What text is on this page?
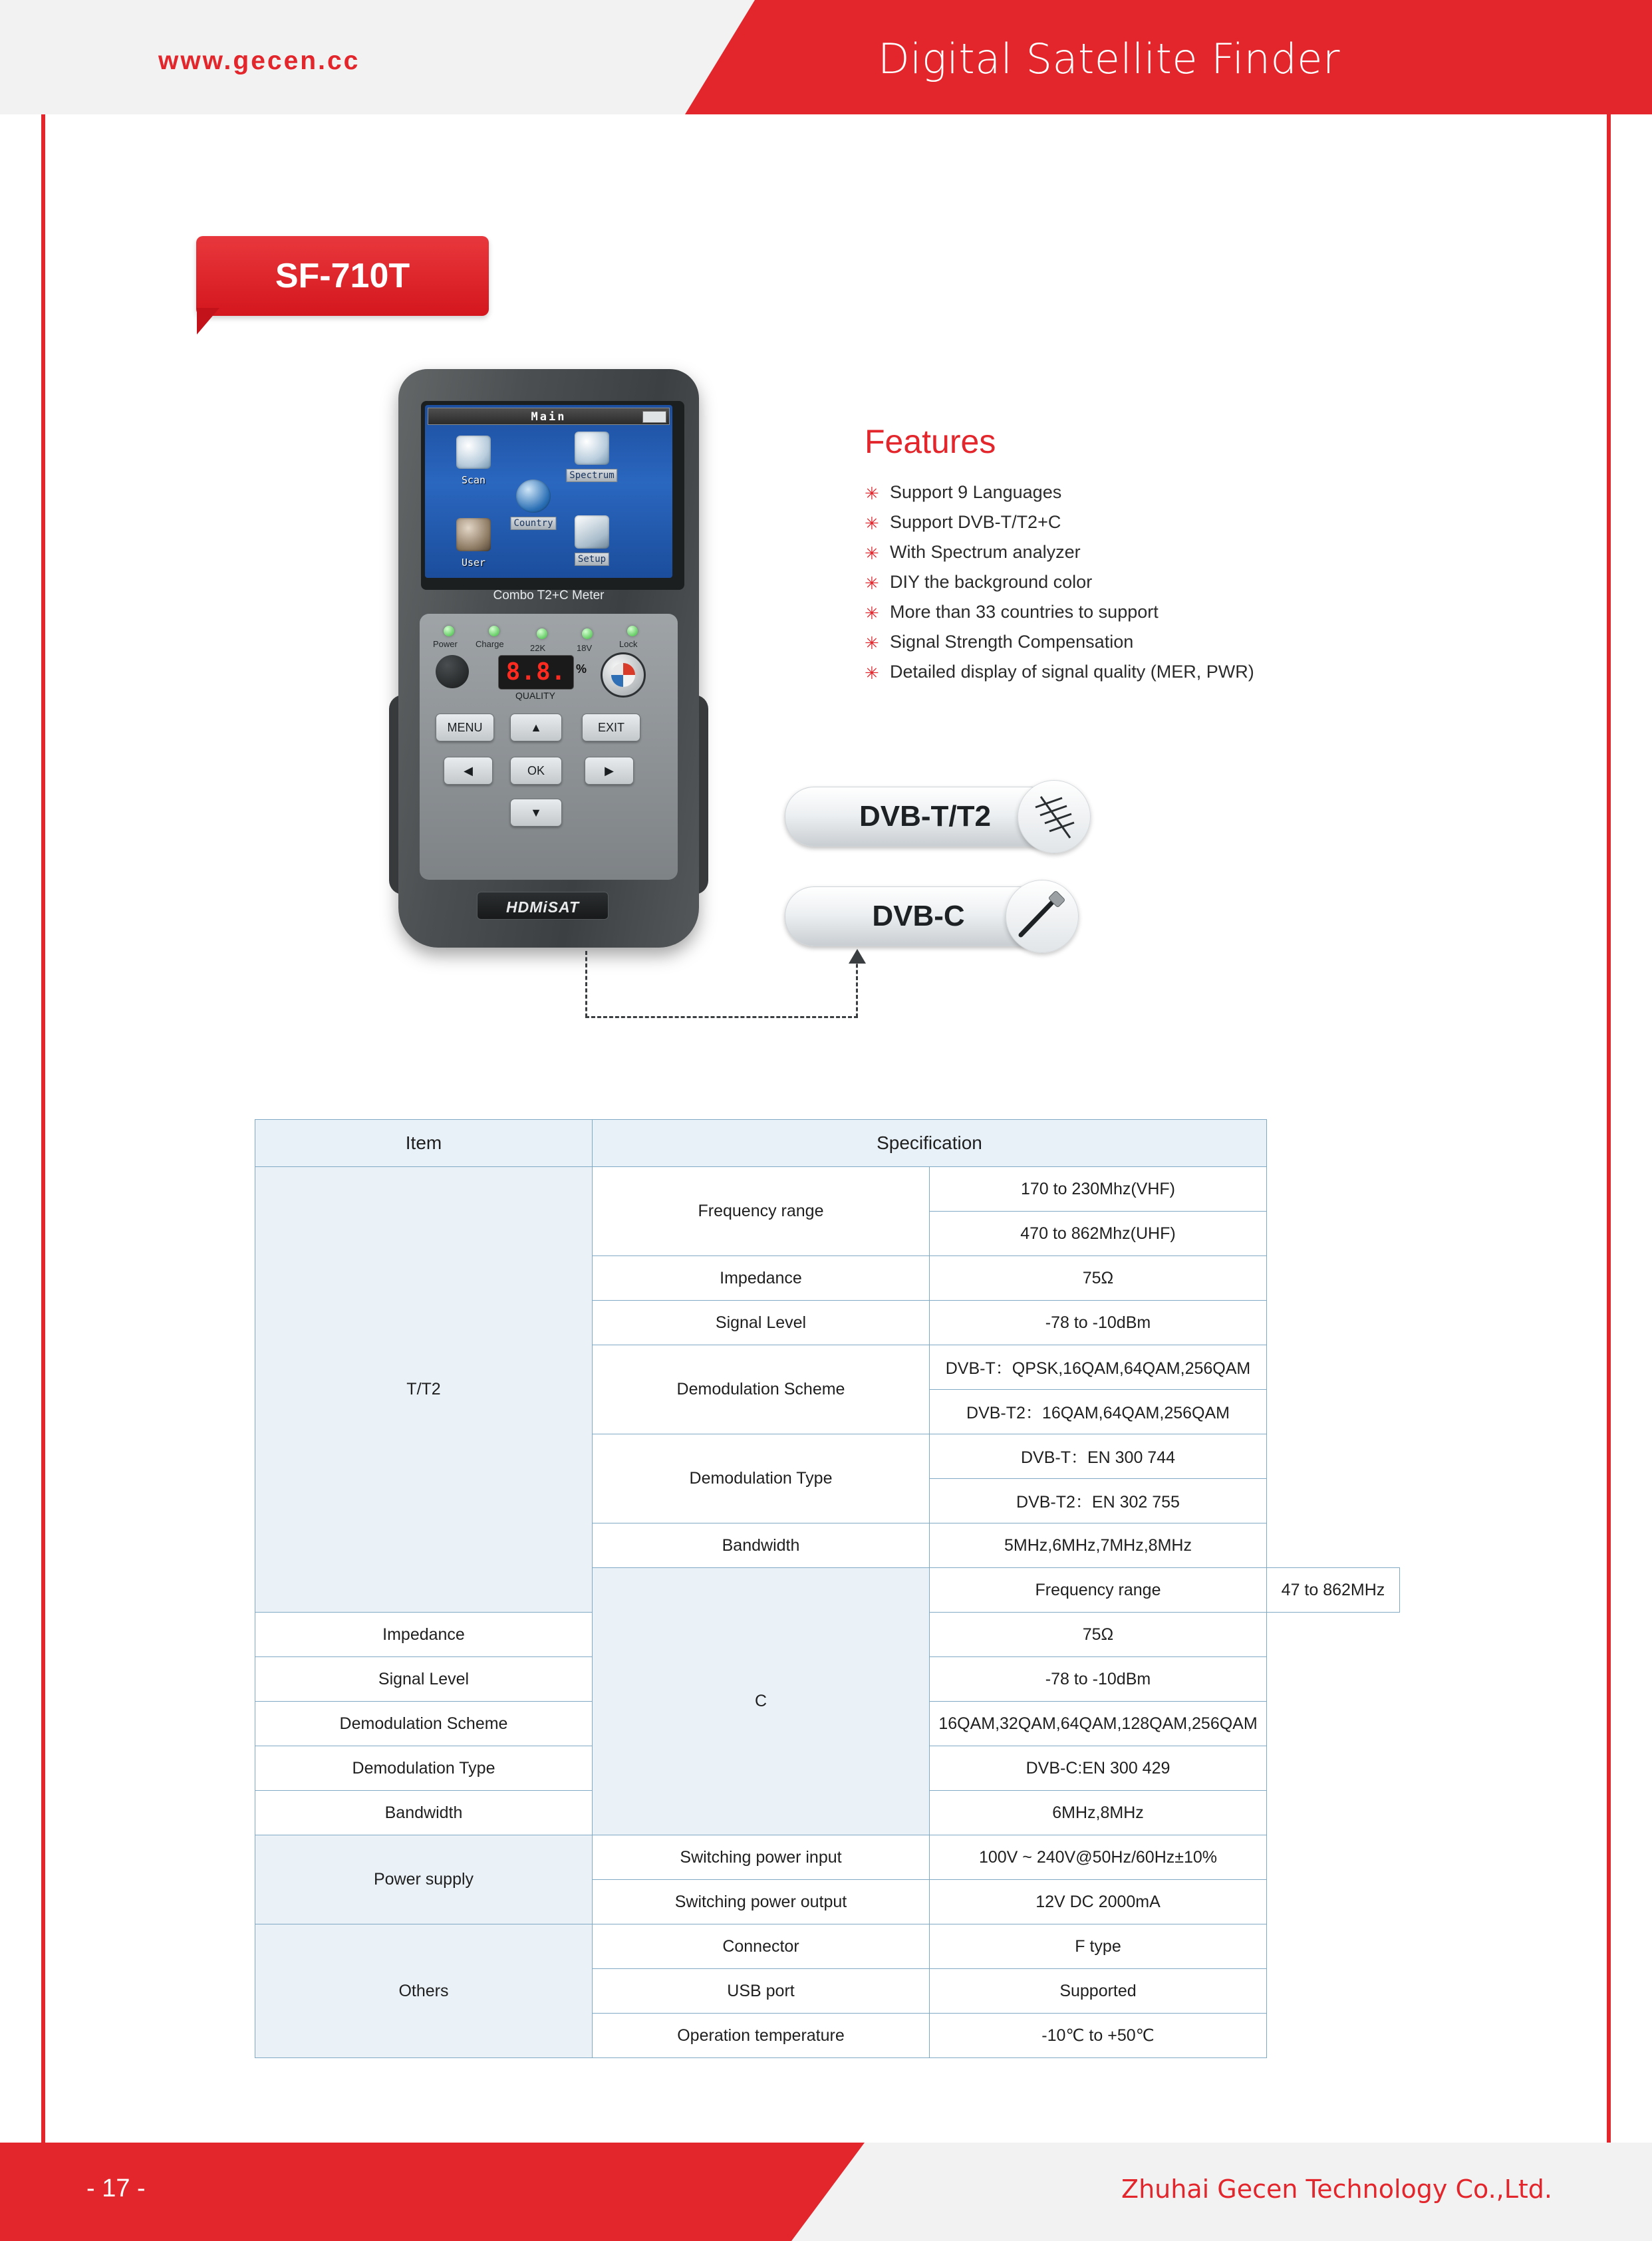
www.gecen.cc	Digital Satellite Finder
SF-710T
Main
Scan	Spectrum
Country
User	Setup
Combo T2+C Meter
Power Charge	22K	18V	Lock
8.8. %
QUALITY
MENU	▲	EXIT
◀	OK	▶
▼
HDMiSAT
Features
✳ Support 9 Languages
✳ Support DVB-T/T2+C
✳ With Spectrum analyzer
✳ DIY the background color
✳ More than 33 countries to support
✳ Signal Strength Compensation
✳ Detailed display of signal quality (MER, PWR)
DVB-T/T2
DVB-C
Item	Specification		
T/T2	Frequency range	170 to 230Mhz(VHF)	
		470 to 862Mhz(UHF)	
	Impedance	75Ω	
	Signal Level	-78 to -10dBm	
	Demodulation Scheme	DVB-T：QPSK,16QAM,64QAM,256QAM	
		DVB-T2：16QAM,64QAM,256QAM	
	Demodulation Type	DVB-T：EN 300 744	
		DVB-T2：EN 302 755	
	Bandwidth	5MHz,6MHz,7MHz,8MHz	
	C	Frequency range	47 to 862MHz
Impedance		75Ω	
Signal Level		-78 to -10dBm	
Demodulation Scheme		16QAM,32QAM,64QAM,128QAM,256QAM	
Demodulation Type		DVB-C:EN 300 429	
Bandwidth		6MHz,8MHz	
Power supply	Switching power input	100V ~ 240V@50Hz/60Hz±10%	
	Switching power output	12V DC 2000mA	
Others	Connector	F type	
	USB port	Supported	
	Operation temperature	-10℃ to +50℃	
- 17 -	Zhuhai Gecen Technology Co.,Ltd.
